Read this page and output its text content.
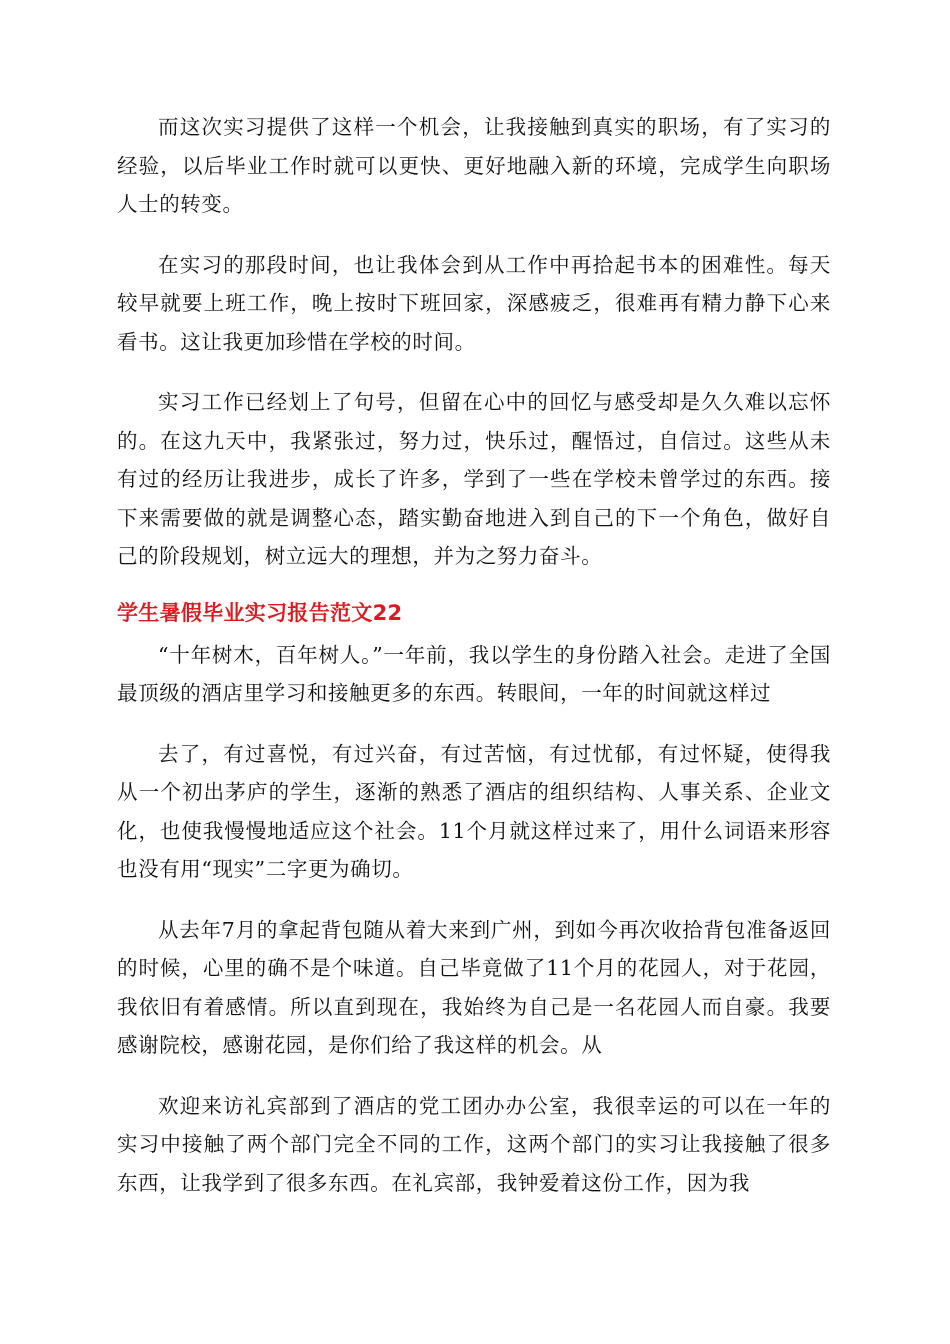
而这次实习提供了这样一个机会，让我接触到真实的职场，有了实习的经验，以后毕业工作时就可以更快、更好地融入新的环境，完成学生向职场人士的转变。

在实习的那段时间，也让我体会到从工作中再拾起书本的困难性。每天较早就要上班工作，晚上按时下班回家，深感疲乏，很难再有精力静下心来看书。这让我更加珍惜在学校的时间。

实习工作已经划上了句号，但留在心中的回忆与感受却是久久难以忘怀的。在这九天中，我紧张过，努力过，快乐过，醒悟过，自信过。这些从未有过的经历让我进步，成长了许多，学到了一些在学校未曾学过的东西。接下来需要做的就是调整心态，踏实勤奋地进入到自己的下一个角色，做好自己的阶段规划，树立远大的理想，并为之努力奋斗。

学生暑假毕业实习报告范文22

“十年树木，百年树人。”一年前，我以学生的身份踏入社会。走进了全国最顶级的酒店里学习和接触更多的东西。转眼间，一年的时间就这样过

去了，有过喜悦，有过兴奋，有过苦恼，有过忧郁，有过怀疑，使得我从一个初出茅庐的学生，逐渐的熟悉了酒店的组织结构、人事关系、企业文化，也使我慢慢地适应这个社会。11个月就这样过来了，用什么词语来形容也没有用“现实”二字更为确切。

从去年7月的拿起背包随从着大来到广州，到如今再次收拾背包准备返回的时候，心里的确不是个味道。自己毕竟做了11个月的花园人，对于花园，我依旧有着感情。所以直到现在，我始终为自己是一名花园人而自豪。我要感谢院校，感谢花园，是你们给了我这样的机会。从

欢迎来访礼宾部到了酒店的党工团办办公室，我很幸运的可以在一年的实习中接触了两个部门完全不同的工作，这两个部门的实习让我接触了很多东西，让我学到了很多东西。在礼宾部，我钟爱着这份工作，因为我
